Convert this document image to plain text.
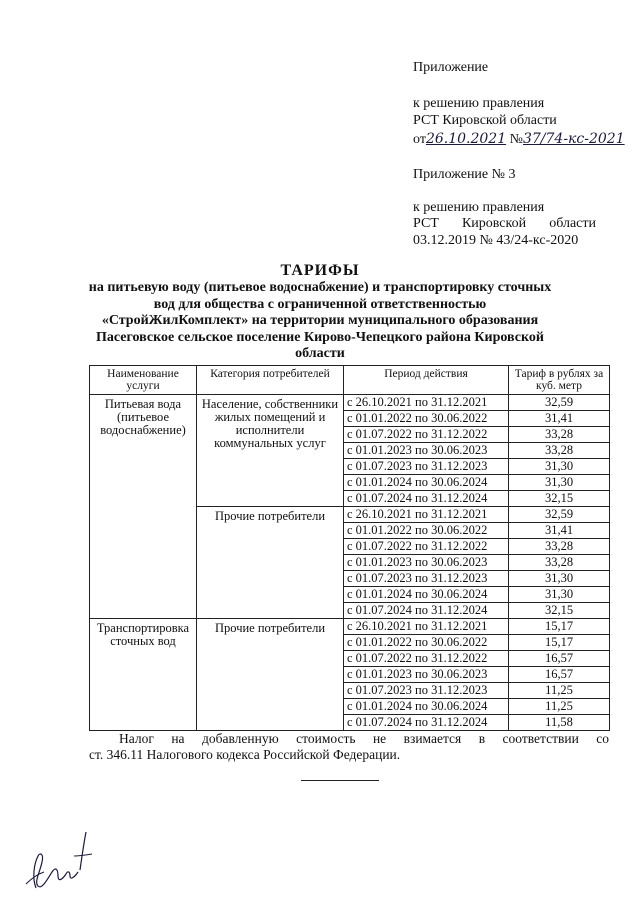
Приложение
к решению правления
РСТ Кировской области
от26.10.2021 №37/74-кс-2021
Приложение № 3
к решению правления
РСТ Кировской области
03.12.2019 № 43/24-кс-2020
ТАРИФЫ
на питьевую воду (питьевое водоснабжение) и транспортировку сточных
вод для общества с ограниченной ответственностью
«СтройЖилКомплект» на территории муниципального образования
Пасеговское сельское поселение Кирово-Чепецкого района Кировской
области
Наименование услуги	Категория потребителей	Период действия	Тариф в рублях за куб. метр
Питьевая вода (питьевое водоснабжение)	Население, собственники жилых помещений и исполнители коммунальных услуг	с 26.10.2021 по 31.12.2021	32,59
		с 01.01.2022 по 30.06.2022	31,41
		с 01.07.2022 по 31.12.2022	33,28
		с 01.01.2023 по 30.06.2023	33,28
		с 01.07.2023 по 31.12.2023	31,30
		с 01.01.2024 по 30.06.2024	31,30
		с 01.07.2024 по 31.12.2024	32,15
	Прочие потребители	с 26.10.2021 по 31.12.2021	32,59
		с 01.01.2022 по 30.06.2022	31,41
		с 01.07.2022 по 31.12.2022	33,28
		с 01.01.2023 по 30.06.2023	33,28
		с 01.07.2023 по 31.12.2023	31,30
		с 01.01.2024 по 30.06.2024	31,30
		с 01.07.2024 по 31.12.2024	32,15
Транспортировка сточных вод	Прочие потребители	с 26.10.2021 по 31.12.2021	15,17
		с 01.01.2022 по 30.06.2022	15,17
		с 01.07.2022 по 31.12.2022	16,57
		с 01.01.2023 по 30.06.2023	16,57
		с 01.07.2023 по 31.12.2023	11,25
		с 01.01.2024 по 30.06.2024	11,25
		с 01.07.2024 по 31.12.2024	11,58
Налог на добавленную стоимость не взимается в соответствии со
ст. 346.11 Налогового кодекса Российской Федерации.
